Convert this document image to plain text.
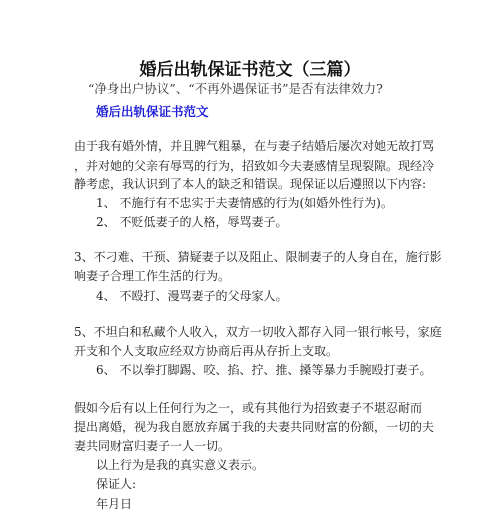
婚后出轨保证书范文（三篇）
“净身出户协议”、“不再外遇保证书”是否有法律效力?
婚后出轨保证书范文
由于我有婚外情，并且脾气粗暴，在与妻子结婚后屡次对她无故打骂
，并对她的父亲有辱骂的行为，招致如今夫妻感情呈现裂隙。现经冷
静考虑，我认识到了本人的缺乏和错误。现保证以后遵照以下内容:
1、 不施行有不忠实于夫妻情感的行为(如婚外性行为)。
2、 不贬低妻子的人格，辱骂妻子。
3、不刁难、干预、猜疑妻子以及阻止、限制妻子的人身自在，施行影
响妻子合理工作生活的行为。
4、 不殴打、漫骂妻子的父母家人。
5、不坦白和私藏个人收入，双方一切收入都存入同一银行帐号，家庭
开支和个人支取应经双方协商后再从存折上支取。
6、 不以拳打脚踢、咬、掐、拧、推、搡等暴力手腕殴打妻子。
假如今后有以上任何行为之一，或有其他行为招致妻子不堪忍耐而
提出离婚，视为我自愿放弃属于我的夫妻共同财富的份额，一切的夫
妻共同财富归妻子一人一切。
以上行为是我的真实意义表示。
保证人:
年月日
